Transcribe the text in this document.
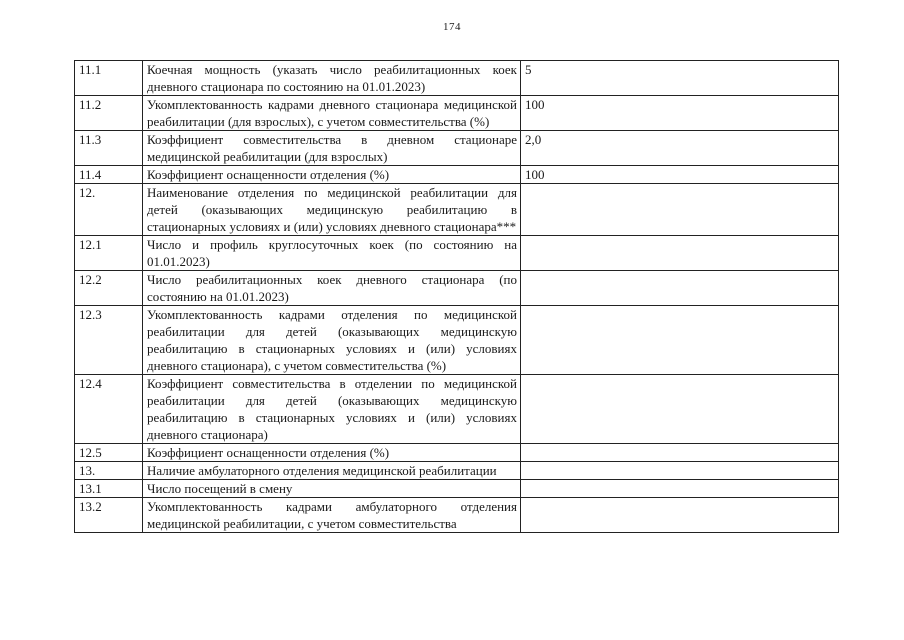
174
11.1	Коечная мощность (указать число реабилитационных коек дневного стационара по состоянию на 01.01.2023)	5
11.2	Укомплектованность кадрами дневного стационара медицинской реабилитации (для взрослых), с учетом совместительства (%)	100
11.3	Коэффициент совместительства в дневном стационаре медицинской реабилитации (для взрослых)	2,0
11.4	Коэффициент оснащенности отделения (%)	100
12.	Наименование отделения по медицинской реабилитации для детей (оказывающих медицинскую реабилитацию в стационарных условиях и (или) условиях дневного стационара***	
12.1	Число и профиль круглосуточных коек (по состоянию на 01.01.2023)	
12.2	Число реабилитационных коек дневного стационара (по состоянию на 01.01.2023)	
12.3	Укомплектованность кадрами отделения по медицинской реабилитации для детей (оказывающих медицинскую реабилитацию в стационарных условиях и (или) условиях дневного стационара), с учетом совместительства (%)	
12.4	Коэффициент совместительства в отделении по медицинской реабилитации для детей (оказывающих медицинскую реабилитацию в стационарных условиях и (или) условиях дневного стационара)	
12.5	Коэффициент оснащенности отделения (%)	
13.	Наличие амбулаторного отделения медицинской реабилитации	
13.1	Число посещений в смену	
13.2	Укомплектованность кадрами амбулаторного отделения медицинской реабилитации, с учетом совместительства	
